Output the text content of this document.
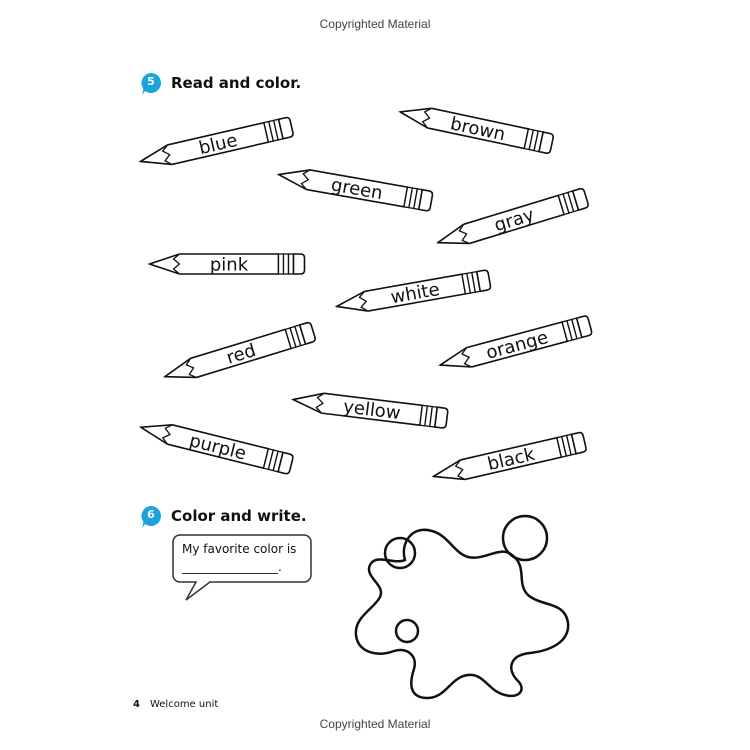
Copyrighted Material
5	Read and color.
blue	brown
green
gray
pink
white
red	orange
yellow
purple	black
6	Color and write.
My favorite color is
________________.
4 Welcome unit
Copyrighted Material
